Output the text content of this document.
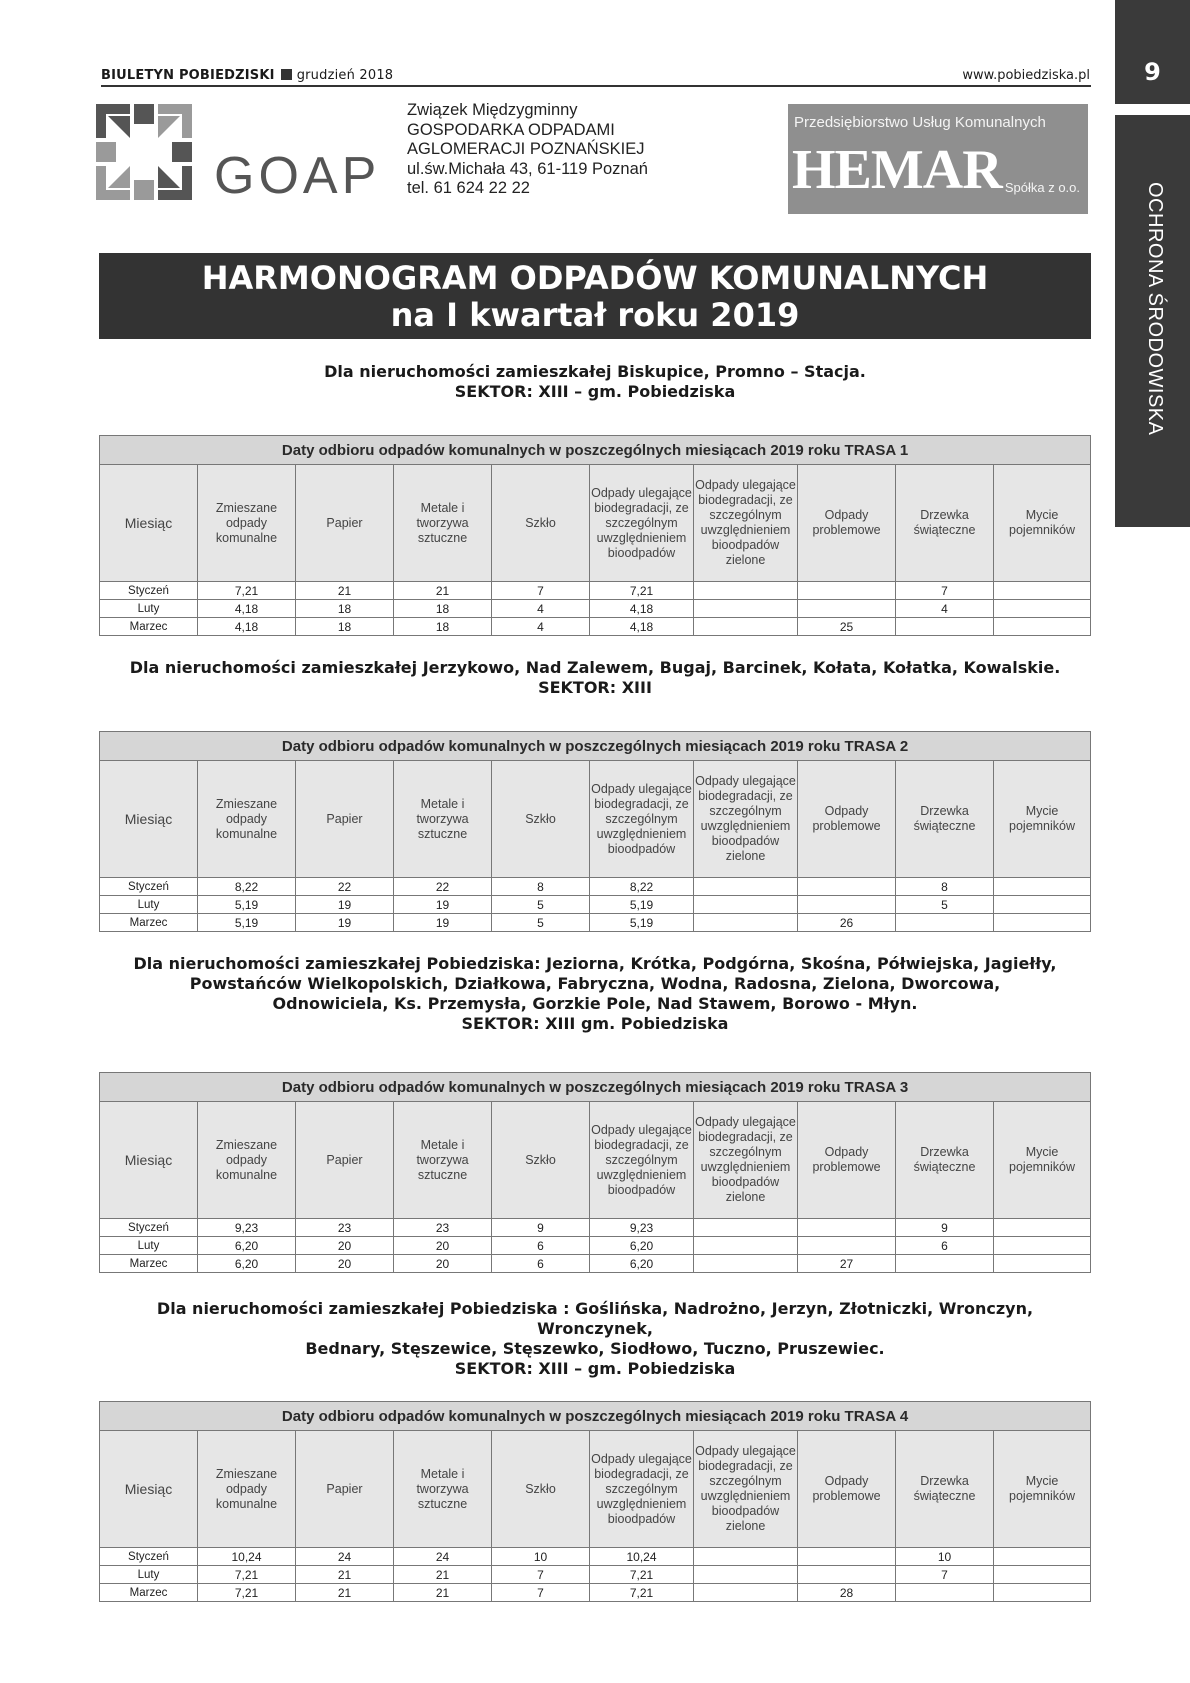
BIULETYN POBIEDZISKI grudzień 2018	www.pobiedziska.pl	9
OCHRONA ŚRODOWISKA
GOAP
Związek Międzygminny
GOSPODARKA ODPADAMI
AGLOMERACJI POZNAŃSKIEJ
ul.św.Michała 43, 61-119 Poznań
tel. 61 624 22 22
Przedsiębiorstwo Usług Komunalnych
HEMAR Spółka z o.o.
HARMONOGRAM ODPADÓW KOMUNALNYCH
na I kwartał roku 2019
Dla nieruchomości zamieszkałej Biskupice, Promno – Stacja.
SEKTOR: XIII – gm. Pobiedziska
Daty odbioru odpadów komunalnych w poszczególnych miesiącach 2019 roku TRASA 1									
Miesiąc	Zmieszane odpady komunalne	Papier	Metale i tworzywa sztuczne	Szkło	Odpady ulegające biodegradacji, ze szczególnym uwzględnieniem bioodpadów	Odpady ulegające biodegradacji, ze szczególnym uwzględnieniem bioodpadów zielone	Odpady problemowe	Drzewka świąteczne	Mycie pojemników
Styczeń	7,21	21	21	7	7,21			7	
Luty	4,18	18	18	4	4,18			4	
Marzec	4,18	18	18	4	4,18		25		
Dla nieruchomości zamieszkałej Jerzykowo, Nad Zalewem, Bugaj, Barcinek, Kołata, Kołatka, Kowalskie.
SEKTOR: XIII
Daty odbioru odpadów komunalnych w poszczególnych miesiącach 2019 roku TRASA 2									
Miesiąc	Zmieszane odpady komunalne	Papier	Metale i tworzywa sztuczne	Szkło	Odpady ulegające biodegradacji, ze szczególnym uwzględnieniem bioodpadów	Odpady ulegające biodegradacji, ze szczególnym uwzględnieniem bioodpadów zielone	Odpady problemowe	Drzewka świąteczne	Mycie pojemników
Styczeń	8,22	22	22	8	8,22			8	
Luty	5,19	19	19	5	5,19			5	
Marzec	5,19	19	19	5	5,19		26		
Dla nieruchomości zamieszkałej Pobiedziska: Jeziorna, Krótka, Podgórna, Skośna, Półwiejska, Jagiełły,
Powstańców Wielkopolskich, Działkowa, Fabryczna, Wodna, Radosna, Zielona, Dworcowa,
Odnowiciela, Ks. Przemysła, Gorzkie Pole, Nad Stawem, Borowo - Młyn.
SEKTOR: XIII gm. Pobiedziska
Daty odbioru odpadów komunalnych w poszczególnych miesiącach 2019 roku TRASA 3									
Miesiąc	Zmieszane odpady komunalne	Papier	Metale i tworzywa sztuczne	Szkło	Odpady ulegające biodegradacji, ze szczególnym uwzględnieniem bioodpadów	Odpady ulegające biodegradacji, ze szczególnym uwzględnieniem bioodpadów zielone	Odpady problemowe	Drzewka świąteczne	Mycie pojemników
Styczeń	9,23	23	23	9	9,23			9	
Luty	6,20	20	20	6	6,20			6	
Marzec	6,20	20	20	6	6,20		27		
Dla nieruchomości zamieszkałej Pobiedziska : Goślińska, Nadrożno, Jerzyn, Złotniczki, Wronczyn, Wronczynek,
Bednary, Stęszewice, Stęszewko, Siodłowo, Tuczno, Pruszewiec.
SEKTOR: XIII – gm. Pobiedziska
Daty odbioru odpadów komunalnych w poszczególnych miesiącach 2019 roku TRASA 4									
Miesiąc	Zmieszane odpady komunalne	Papier	Metale i tworzywa sztuczne	Szkło	Odpady ulegające biodegradacji, ze szczególnym uwzględnieniem bioodpadów	Odpady ulegające biodegradacji, ze szczególnym uwzględnieniem bioodpadów zielone	Odpady problemowe	Drzewka świąteczne	Mycie pojemników
Styczeń	10,24	24	24	10	10,24			10	
Luty	7,21	21	21	7	7,21			7	
Marzec	7,21	21	21	7	7,21		28		
